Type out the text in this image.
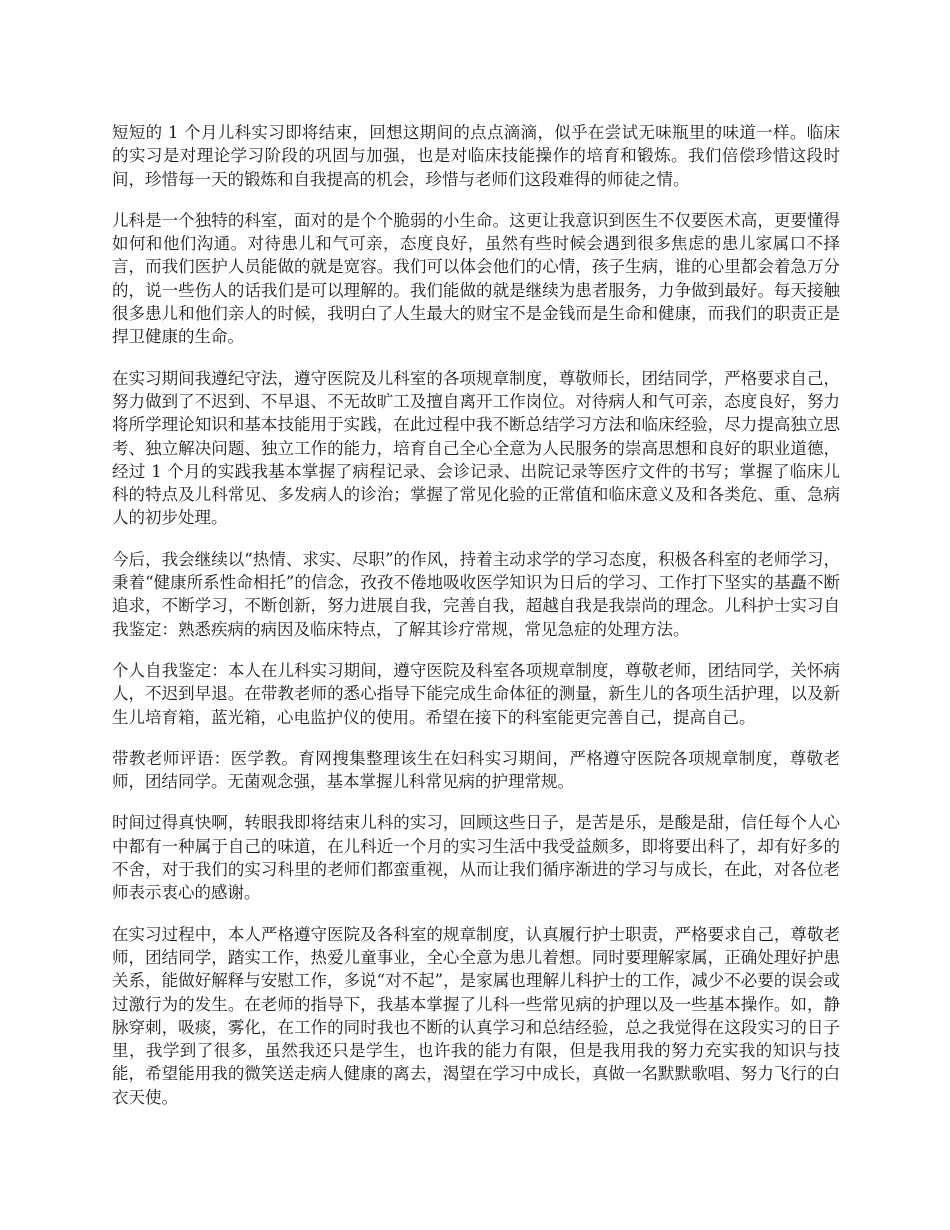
短短的 1 个月儿科实习即将结束，回想这期间的点点滴滴，似乎在尝试无味瓶里的味道一样。临床的实习是对理论学习阶段的巩固与加强，也是对临床技能操作的培育和锻炼。我们倍偿珍惜这段时间，珍惜每一天的锻炼和自我提高的机会，珍惜与老师们这段难得的师徒之情。

儿科是一个独特的科室，面对的是个个脆弱的小生命。这更让我意识到医生不仅要医术高，更要懂得如何和他们沟通。对待患儿和气可亲，态度良好，虽然有些时候会遇到很多焦虑的患儿家属口不择言，而我们医护人员能做的就是宽容。我们可以体会他们的心情，孩子生病，谁的心里都会着急万分的，说一些伤人的话我们是可以理解的。我们能做的就是继续为患者服务，力争做到最好。每天接触很多患儿和他们亲人的时候，我明白了人生最大的财宝不是金钱而是生命和健康，而我们的职责正是捍卫健康的生命。

在实习期间我遵纪守法，遵守医院及儿科室的各项规章制度，尊敬师长，团结同学，严格要求自己，努力做到了不迟到、不早退、不无故旷工及擅自离开工作岗位。对待病人和气可亲，态度良好，努力将所学理论知识和基本技能用于实践，在此过程中我不断总结学习方法和临床经验，尽力提高独立思考、独立解决问题、独立工作的能力，培育自己全心全意为人民服务的崇高思想和良好的职业道德，经过 1 个月的实践我基本掌握了病程记录、会诊记录、出院记录等医疗文件的书写；掌握了临床儿科的特点及儿科常见、多发病人的诊治；掌握了常见化验的正常值和临床意义及和各类危、重、急病人的初步处理。

今后，我会继续以“热情、求实、尽职”的作风，持着主动求学的学习态度，积极各科室的老师学习，秉着“健康所系性命相托”的信念，孜孜不倦地吸收医学知识为日后的学习、工作打下坚实的基矗不断追求，不断学习，不断创新，努力进展自我，完善自我，超越自我是我崇尚的理念。儿科护士实习自我鉴定：熟悉疾病的病因及临床特点，了解其诊疗常规，常见急症的处理方法。

个人自我鉴定：本人在儿科实习期间，遵守医院及科室各项规章制度，尊敬老师，团结同学，关怀病人，不迟到早退。在带教老师的悉心指导下能完成生命体征的测量，新生儿的各项生活护理，以及新生儿培育箱，蓝光箱，心电监护仪的使用。希望在接下的科室能更完善自己，提高自己。

带教老师评语：医学教。育网搜集整理该生在妇科实习期间，严格遵守医院各项规章制度，尊敬老师，团结同学。无菌观念强，基本掌握儿科常见病的护理常规。

时间过得真快啊，转眼我即将结束儿科的实习，回顾这些日子，是苦是乐，是酸是甜，信任每个人心中都有一种属于自己的味道，在儿科近一个月的实习生活中我受益颇多，即将要出科了，却有好多的不舍，对于我们的实习科里的老师们都蛮重视，从而让我们循序渐进的学习与成长，在此，对各位老师表示衷心的感谢。

在实习过程中，本人严格遵守医院及各科室的规章制度，认真履行护士职责，严格要求自己，尊敬老师，团结同学，踏实工作，热爱儿童事业，全心全意为患儿着想。同时要理解家属，正确处理好护患关系，能做好解释与安慰工作，多说“对不起”，是家属也理解儿科护士的工作，减少不必要的误会或过激行为的发生。在老师的指导下，我基本掌握了儿科一些常见病的护理以及一些基本操作。如，静脉穿刺，吸痰，雾化，在工作的同时我也不断的认真学习和总结经验，总之我觉得在这段实习的日子里，我学到了很多，虽然我还只是学生，也许我的能力有限，但是我用我的努力充实我的知识与技能，希望能用我的微笑送走病人健康的离去，渴望在学习中成长，真做一名默默歌唱、努力飞行的白衣天使。
